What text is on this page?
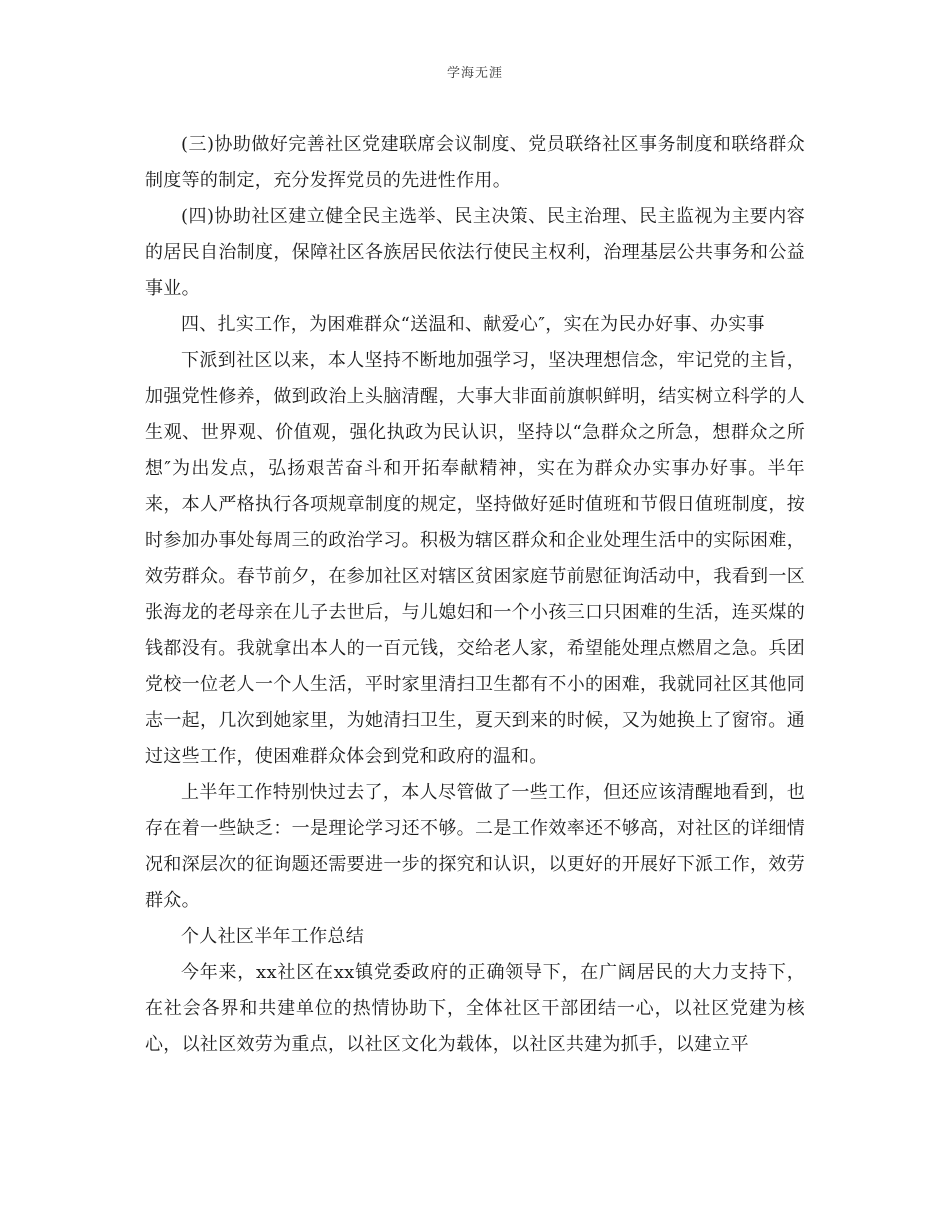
学海无涯

(三)协助做好完善社区党建联席会议制度、党员联络社区事务制度和联络群众制度等的制定，充分发挥党员的先进性作用。

(四)协助社区建立健全民主选举、民主决策、民主治理、民主监视为主要内容的居民自治制度，保障社区各族居民依法行使民主权利，治理基层公共事务和公益事业。

四、扎实工作，为困难群众“送温和、献爱心″，实在为民办好事、办实事

下派到社区以来，本人坚持不断地加强学习，坚决理想信念，牢记党的主旨，加强党性修养，做到政治上头脑清醒，大事大非面前旗帜鲜明，结实树立科学的人生观、世界观、价值观，强化执政为民认识，坚持以“急群众之所急，想群众之所想″为出发点，弘扬艰苦奋斗和开拓奉献精神，实在为群众办实事办好事。半年来，本人严格执行各项规章制度的规定，坚持做好延时值班和节假日值班制度，按时参加办事处每周三的政治学习。积极为辖区群众和企业处理生活中的实际困难，效劳群众。春节前夕，在参加社区对辖区贫困家庭节前慰征询活动中，我看到一区张海龙的老母亲在儿子去世后，与儿媳妇和一个小孩三口只困难的生活，连买煤的钱都没有。我就拿出本人的一百元钱，交给老人家，希望能处理点燃眉之急。兵团党校一位老人一个人生活，平时家里清扫卫生都有不小的困难，我就同社区其他同志一起，几次到她家里，为她清扫卫生，夏天到来的时候，又为她换上了窗帘。通过这些工作，使困难群众体会到党和政府的温和。

上半年工作特别快过去了，本人尽管做了一些工作，但还应该清醒地看到，也存在着一些缺乏：一是理论学习还不够。二是工作效率还不够高，对社区的详细情况和深层次的征询题还需要进一步的探究和认识，以更好的开展好下派工作，效劳群众。

个人社区半年工作总结

今年来，xx社区在xx镇党委政府的正确领导下，在广阔居民的大力支持下，在社会各界和共建单位的热情协助下，全体社区干部团结一心，以社区党建为核心，以社区效劳为重点，以社区文化为载体，以社区共建为抓手，以建立平
